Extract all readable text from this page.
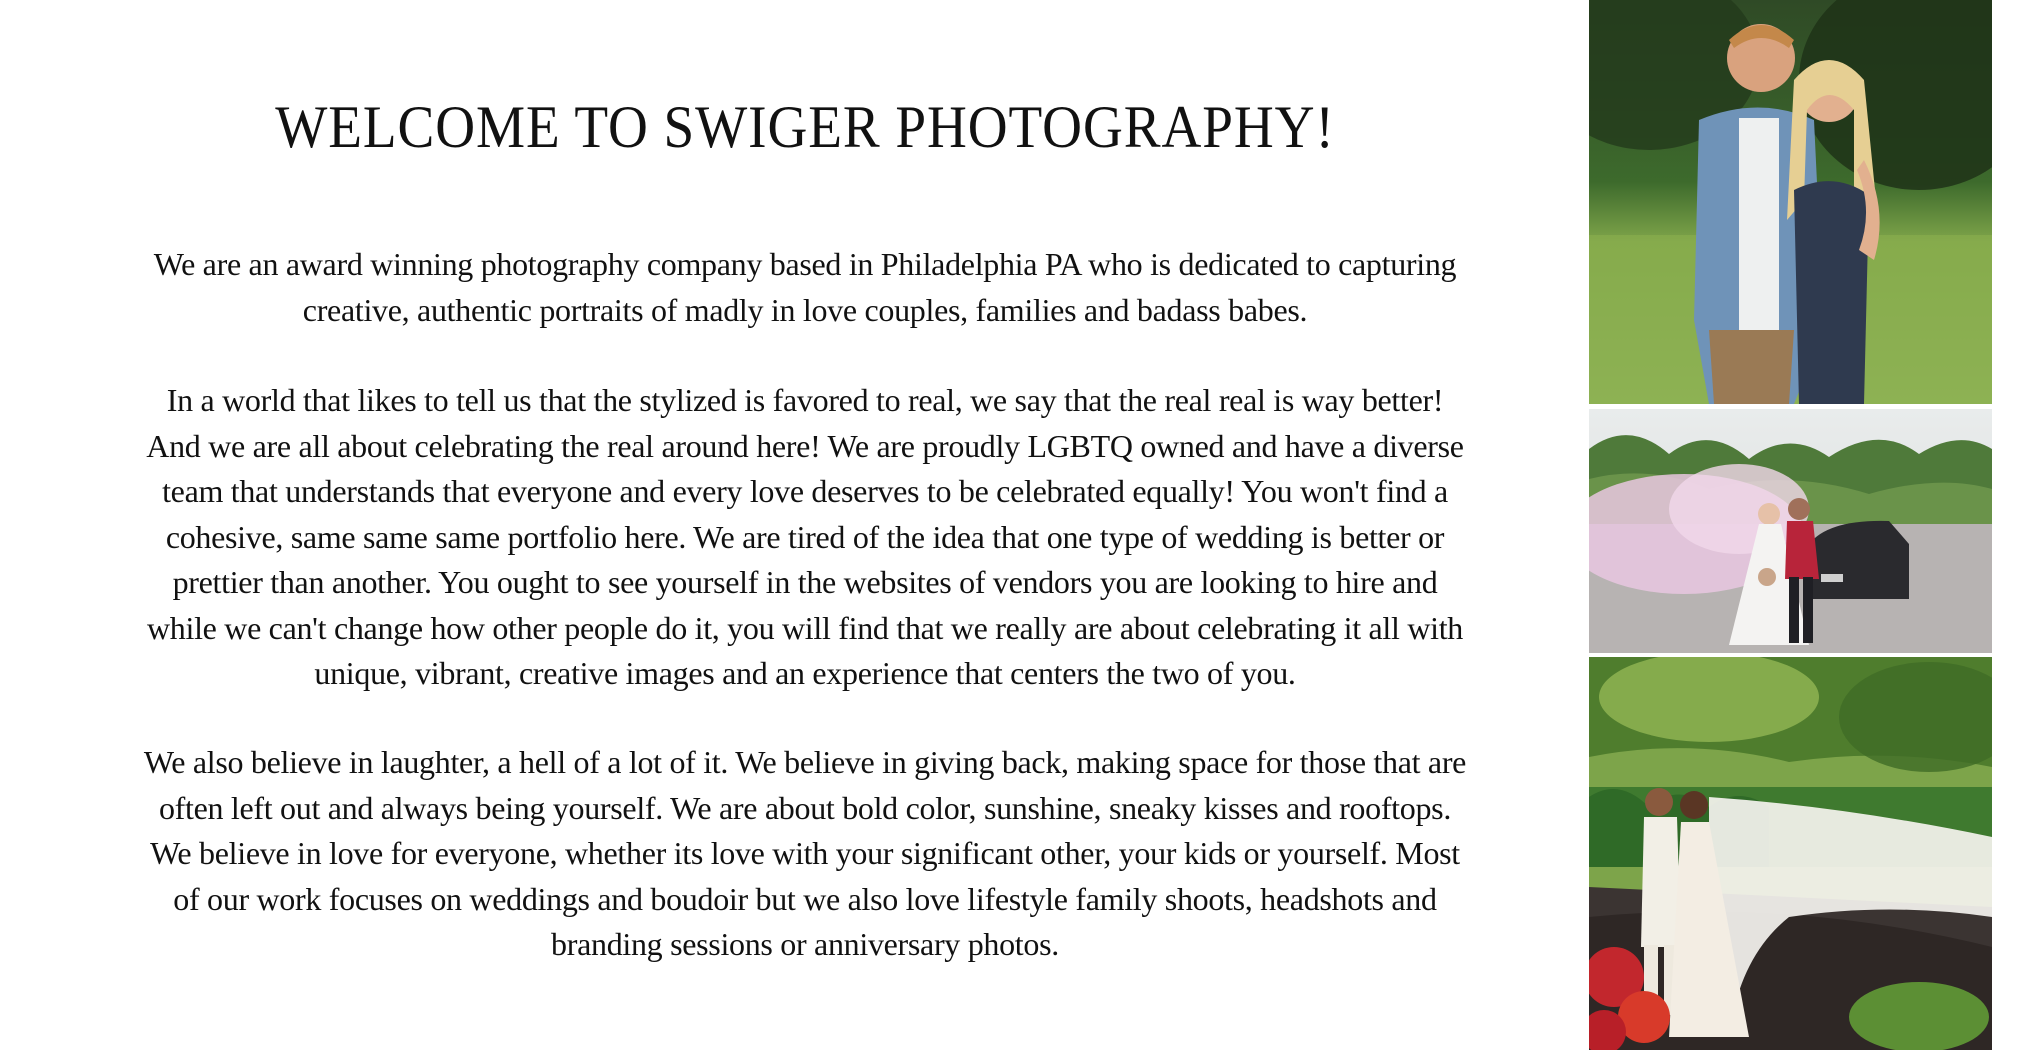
WELCOME TO SWIGER PHOTOGRAPHY!

We are an award winning photography company based in Philadelphia PA who is dedicated to capturing
creative, authentic portraits of madly in love couples, families and badass babes.

In a world that likes to tell us that the stylized is favored to real, we say that the real real is way better!
And we are all about celebrating the real around here! We are proudly LGBTQ owned and have a diverse
team that understands that everyone and every love deserves to be celebrated equally! You won't find a
cohesive, same same same portfolio here. We are tired of the idea that one type of wedding is better or
prettier than another. You ought to see yourself in the websites of vendors you are looking to hire and
while we can't change how other people do it, you will find that we really are about celebrating it all with
unique, vibrant, creative images and an experience that centers the two of you.

We also believe in laughter, a hell of a lot of it. We believe in giving back, making space for those that are
often left out and always being yourself. We are about bold color, sunshine, sneaky kisses and rooftops.
We believe in love for everyone, whether its love with your significant other, your kids or yourself. Most
of our work focuses on weddings and boudoir but we also love lifestyle family shoots, headshots and
branding sessions or anniversary photos.
